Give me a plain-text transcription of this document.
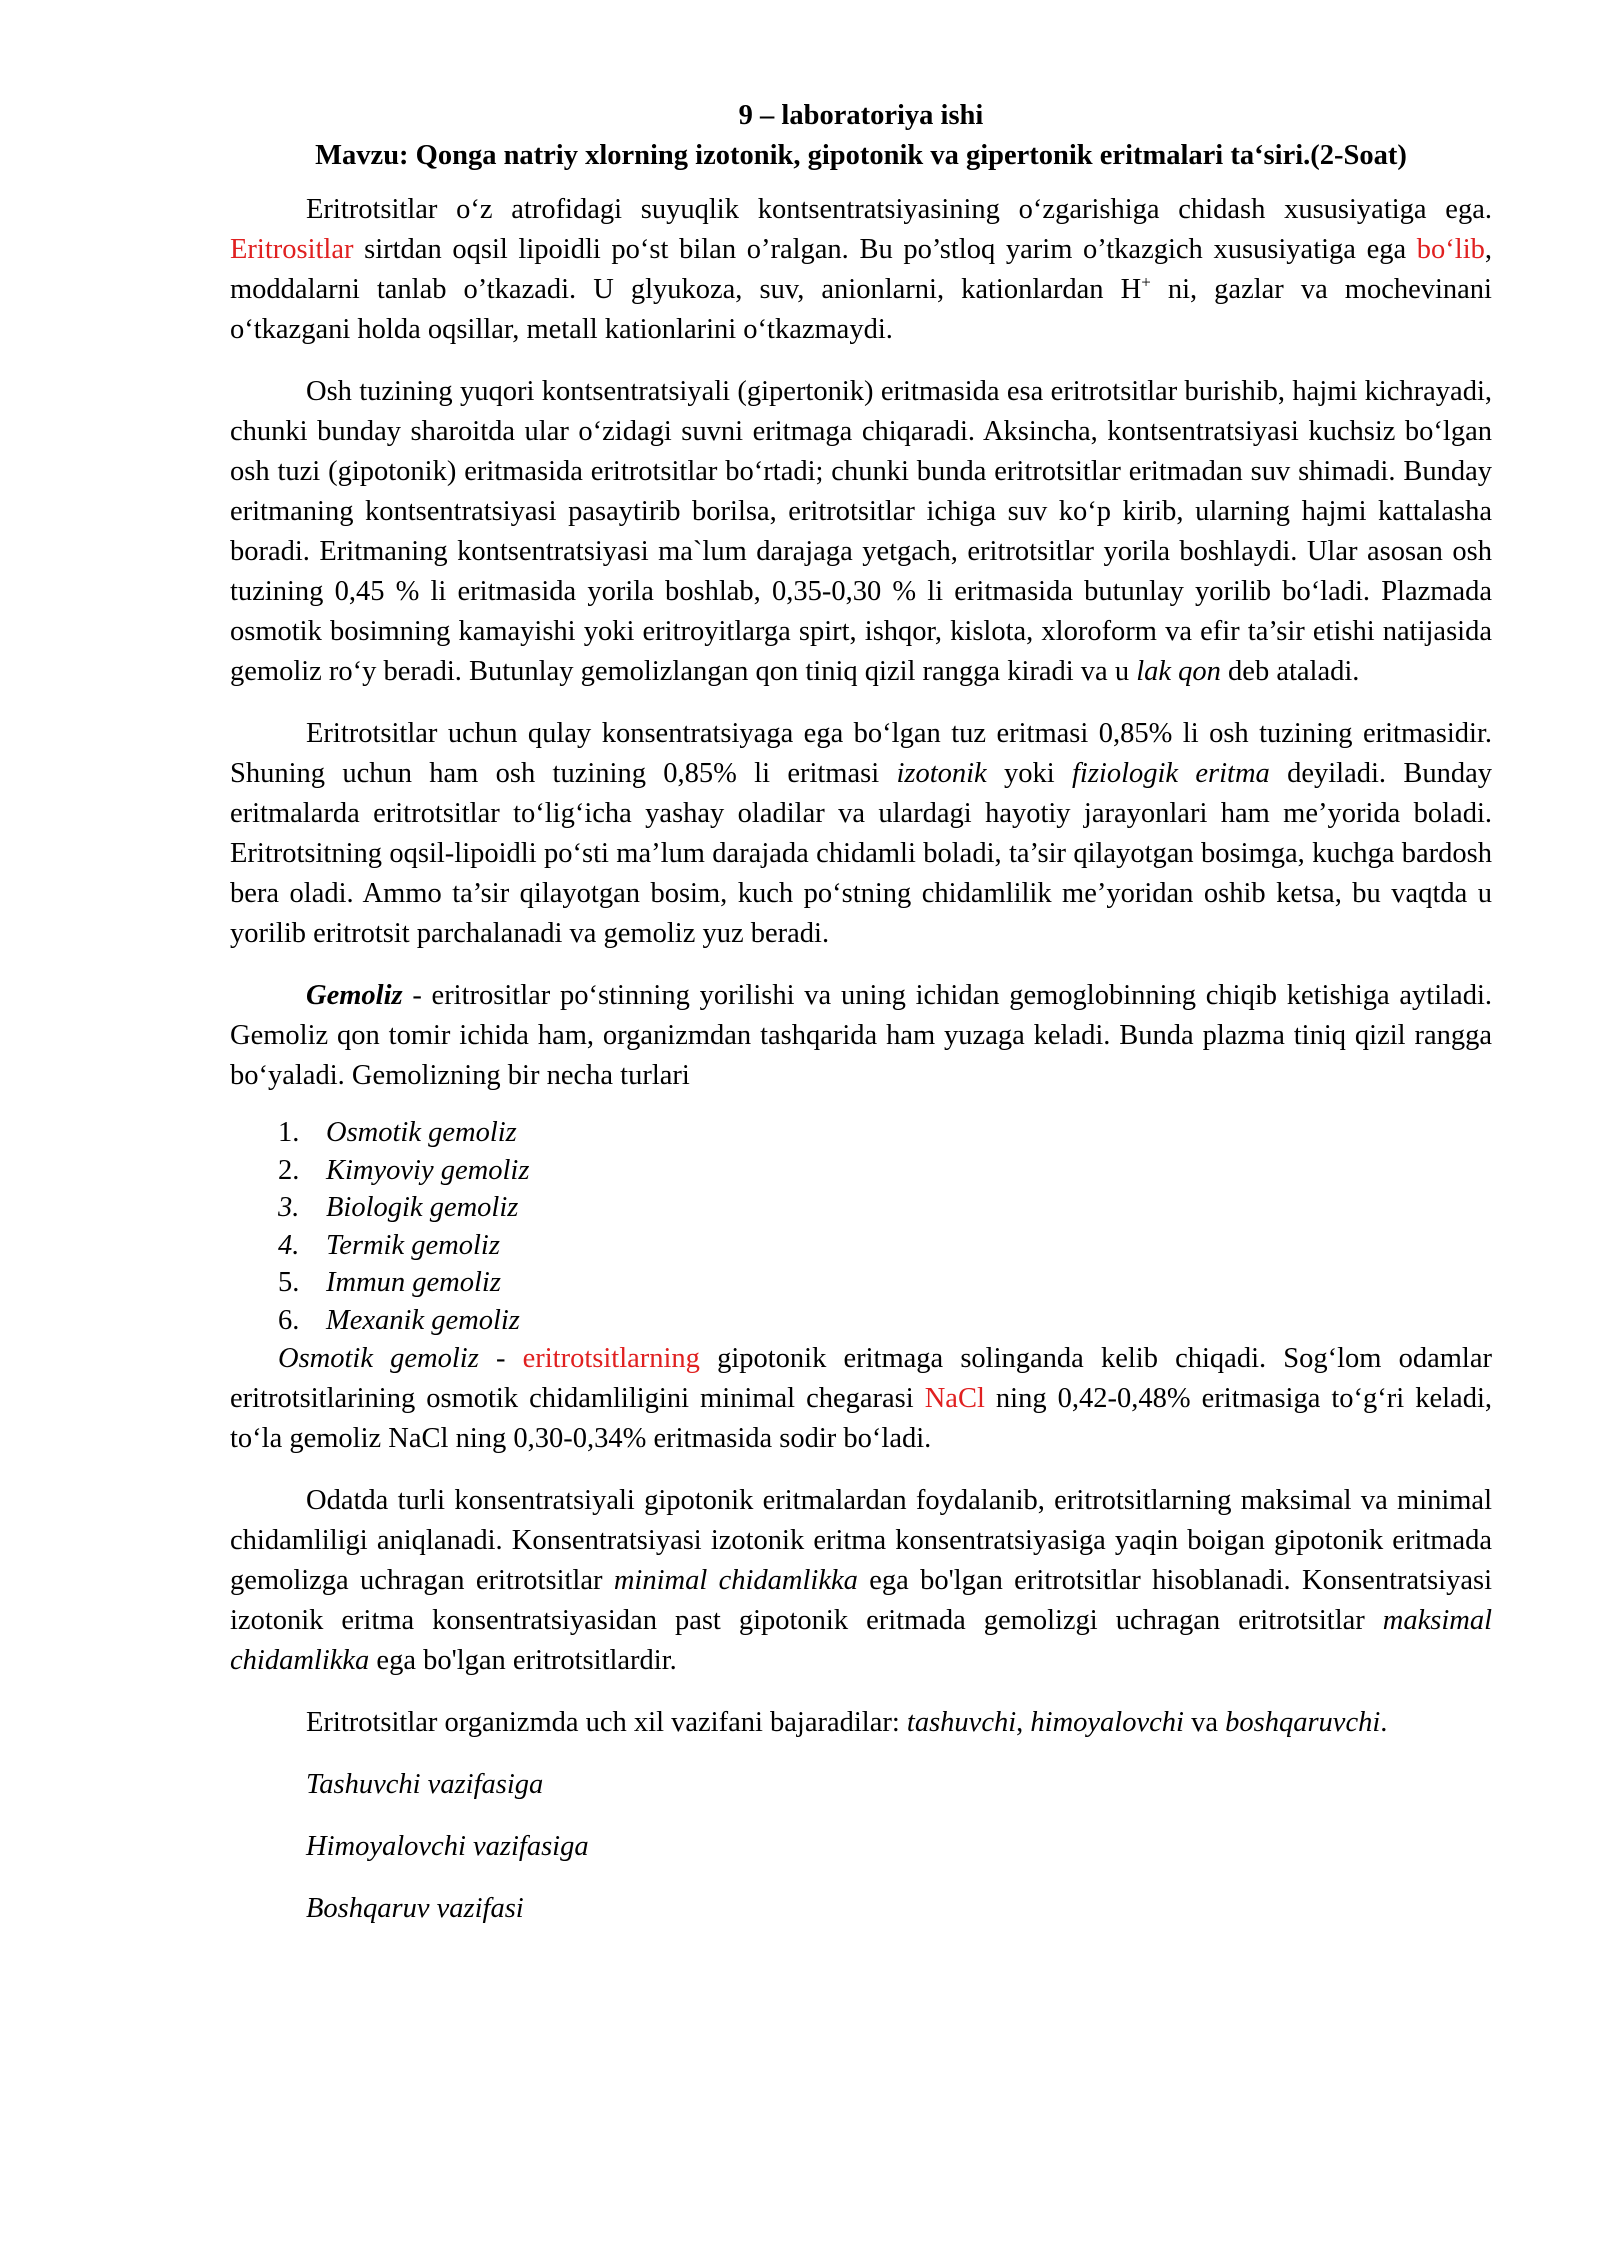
9 – laboratoriya ishi
Mavzu: Qonga natriy xlorning izotonik, gipotonik va gipertonik eritmalari ta‘siri.(2-Soat)

Eritrotsitlar o‘z atrofidagi suyuqlik kontsentratsiyasining o‘zgarishiga chidash xususiyatiga ega. Eritrositlar sirtdan oqsil lipoidli po‘st bilan o’ralgan. Bu po’stloq yarim o’tkazgich xususiyatiga ega bo‘lib, moddalarni tanlab o’tkazadi. U glyukoza, suv, anionlarni, kationlardan H+ ni, gazlar va mochevinani o‘tkazgani holda oqsillar, metall kationlarini o‘tkazmaydi.

Osh tuzining yuqori kontsentratsiyali (gipertonik) eritmasida esa eritrotsitlar burishib, hajmi kichrayadi, chunki bunday sharoitda ular o‘zidagi suvni eritmaga chiqaradi. Aksincha, kontsentratsiyasi kuchsiz bo‘lgan osh tuzi (gipotonik) eritmasida eritrotsitlar bo‘rtadi; chunki bunda eritrotsitlar eritmadan suv shimadi. Bunday eritmaning kontsentratsiyasi pasaytirib borilsa, eritrotsitlar ichiga suv ko‘p kirib, ularning hajmi kattalasha boradi. Eritmaning kontsentratsiyasi ma`lum darajaga yetgach, eritrotsitlar yorila boshlaydi. Ular asosan osh tuzining 0,45 % li eritmasida yorila boshlab, 0,35-0,30 % li eritmasida butunlay yorilib bo‘ladi. Plazmada osmotik bosimning kamayishi yoki eritroyitlarga spirt, ishqor, kislota, xloroform va efir ta’sir etishi natijasida gemoliz ro‘y beradi. Butunlay gemolizlangan qon tiniq qizil rangga kiradi va u lak qon deb ataladi.

Eritrotsitlar uchun qulay konsentratsiyaga ega bo‘lgan tuz eritmasi 0,85% li osh tuzining eritmasidir. Shuning uchun ham osh tuzining 0,85% li eritmasi izotonik yoki fiziologik eritma deyiladi. Bunday eritmalarda eritrotsitlar to‘lig‘icha yashay oladilar va ulardagi hayotiy jarayonlari ham me’yorida boladi. Eritrotsitning oqsil-lipoidli po‘sti ma’lum darajada chidamli boladi, ta’sir qilayotgan bosimga, kuchga bardosh bera oladi. Ammo ta’sir qilayotgan bosim, kuch po‘stning chidamlilik me’yoridan oshib ketsa, bu vaqtda u yorilib eritrotsit parchalanadi va gemoliz yuz beradi.

Gemoliz - eritrositlar po‘stinning yorilishi va uning ichidan gemoglobinning chiqib ketishiga aytiladi. Gemoliz qon tomir ichida ham, organizmdan tashqarida ham yuzaga keladi. Bunda plazma tiniq qizil rangga bo‘yaladi. Gemolizning bir necha turlari

1. Osmotik gemoliz
2. Kimyoviy gemoliz
3. Biologik gemoliz
4. Termik gemoliz
5. Immun gemoliz
6. Mexanik gemoliz

Osmotik gemoliz - eritrotsitlarning gipotonik eritmaga solinganda kelib chiqadi. Sog‘lom odamlar eritrotsitlarining osmotik chidamliligini minimal chegarasi NaCl ning 0,42-0,48% eritmasiga to‘g‘ri keladi, to‘la gemoliz NaCl ning 0,30-0,34% eritmasida sodir bo‘ladi.

Odatda turli konsentratsiyali gipotonik eritmalardan foydalanib, eritrotsitlarning maksimal va minimal chidamliligi aniqlanadi. Konsentratsiyasi izotonik eritma konsentratsiyasiga yaqin boigan gipotonik eritmada gemolizga uchragan eritrotsitlar minimal chidamlikka ega bo'lgan eritrotsitlar hisoblanadi. Konsentratsiyasi izotonik eritma konsentratsiyasidan past gipotonik eritmada gemolizgi uchragan eritrotsitlar maksimal chidamlikka ega bo'lgan eritrotsitlardir.

Eritrotsitlar organizmda uch xil vazifani bajaradilar: tashuvchi, himoyalovchi va boshqaruvchi.

Tashuvchi vazifasiga

Himoyalovchi vazifasiga

Boshqaruv vazifasi
